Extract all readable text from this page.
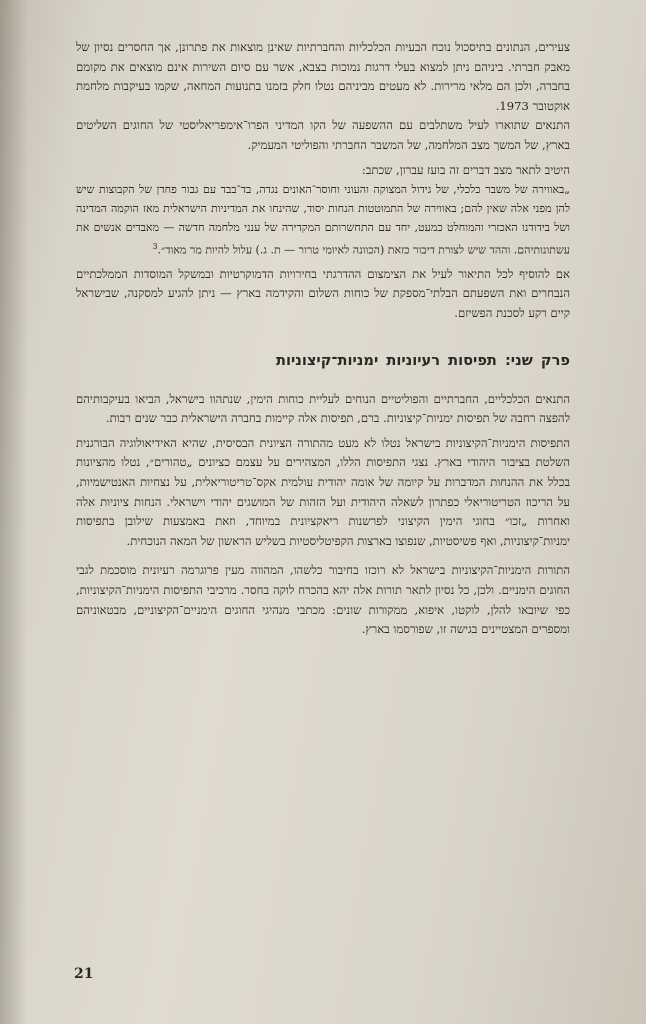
צעירים, הנתונים בתיסכול נוכח הבעיות הכלכליות והחברתיות שאינן מוצאות את פתרונן, אך החסרים נסיון של מאבק חברתי. ביניהם ניתן למצוא בעלי דרגות נמוכות בצבא, אשר עם סיום השירות אינם מוצאים את מקומם בחברה, ולכן הם מלאי מרירות. לא מעטים מביניהם נטלו חלק בזמנו בתנועות המחאה, שקמו בעיקבות מלחמת אוקטובר 1973.

התנאים שתוארו לעיל משתלבים עם ההשפעה של הקו המדיני הפרו־אימפריאליסטי של החוגים השליטים בארץ, של המשך מצב המלחמה, של המשבר החברתי והפוליטי המעמיק.

היטיב לתאר מצב דברים זה בועז עברון, שכתב:

„באווירה של משבר כלכלי, של גידול המצוקה והעוני וחוסר־האונים נגדה, בד־בבד עם גבור פחדן של הקבוצות שיש להן מפני אלה שאין להם; באווירה של התמוטטות הנחות יסוד, שהינחו את המדיניות הישראלית מאז הוקמה המדינה ושל בידודנו האכזרי והמוחלט כמעט, יחד עם התחשרותם המקדירה של ענני מלחמה חדשה — מאבדים אנשים את עשתונותיהם. וההד שיש לצורת דיבור כזאת (הכוונה לאיומי טרור — ת. ג.) עלול להיות מר מאוד״.$^3$

אם להוסיף לכל התיאור לעיל את הצימצום ההדרגתי בחירויות הדמוקרטיות ובמשקל המוסדות הממלכתיים הנבחרים ואת השפעתם הבלתי־מספקת של כוחות השלום והקידמה בארץ — ניתן להגיע למסקנה, שבישראל קיים רקע לסכנת הפשיזם.

פרק שני: תפיסות רעיוניות ימניות־קיצוניות

התנאים הכלכליים, החברתיים והפוליטיים הנוחים לעליית כוחות הימין, שנתהוו בישראל, הביאו בעיקבותיהם להפצה רחבה של תפיסות ימניות־קיצוניות. ברם, תפיסות אלה קיימות בחברה הישראלית כבר שנים רבות.

התפיסות הימניות־הקיצוניות בישראל נטלו לא מעט מהתורה הציונית הבסיסית, שהיא האידיאולוגיה הבורגנית השלטת בציבור היהודי בארץ. נצגי התפיסות הללו, המצהירים על עצמם כציונים „טהורים״, נטלו מהציונות בכלל את ההנחות המדברות על קיומה של אומה יהודית עולמית אקס־טריטוריאלית, על נצחיות האנטישמיות, על הריכוז הטריטוריאלי כפתרון לשאלה היהודית ועל הזהות של המושגים יהודי וישראלי. הנחות ציוניות אלה ואחרות „זכו״ בחוגי הימין הקיצוני לפרשנות ריאקציונית במיוחד, וזאת באמצעות שילובן בתפיסות ימניות־קיצוניות, ואף פשיסטיות, שנפוצו בארצות הקפיטליסטיות בשליש הראשון של המאה הנוכחית.

התורות הימניות־הקיצוניות בישראל לא רוכזו בחיבור כלשהו, המהווה מעין פרוגרמה רעיונית מוסכמת לגבי החוגים הימניים. ולכן, כל נסיון לתאר תורות אלה יהא בהכרח לוקה בחסר. מרכיבי התפיסות הימניות־הקיצוניות, כפי שיובאו להלן, לוקטו, איפוא, ממקורות שונים: מכתבי מנהיגי החוגים הימניים־הקיצוניים, מבטאוניהם ומספרים המצטיינים בגישה זו, שפורסמו בארץ.

21
